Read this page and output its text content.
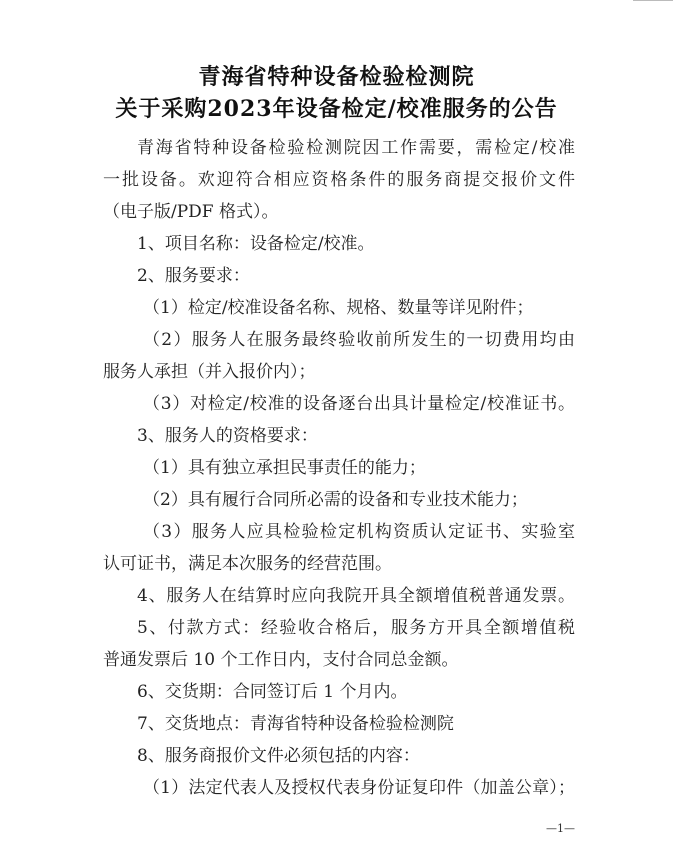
青海省特种设备检验检测院
关于采购2023年设备检定/校准服务的公告
青海省特种设备检验检测院因工作需要，需检定/校准
一批设备。欢迎符合相应资格条件的服务商提交报价文件
（电子版/PDF 格式）。
1、项目名称：设备检定/校准。
2、服务要求：
（1）检定/校准设备名称、规格、数量等详见附件；
（2）服务人在服务最终验收前所发生的一切费用均由
服务人承担（并入报价内）；
（3）对检定/校准的设备逐台出具计量检定/校准证书。
3、服务人的资格要求：
（1）具有独立承担民事责任的能力；
（2）具有履行合同所必需的设备和专业技术能力；
（3）服务人应具检验检定机构资质认定证书、实验室
认可证书，满足本次服务的经营范围。
4、服务人在结算时应向我院开具全额增值税普通发票。
5、付款方式：经验收合格后，服务方开具全额增值税
普通发票后 10 个工作日内，支付合同总金额。
6、交货期：合同签订后 1 个月内。
7、交货地点：青海省特种设备检验检测院
8、服务商报价文件必须包括的内容：
（1）法定代表人及授权代表身份证复印件（加盖公章）；
—1—
